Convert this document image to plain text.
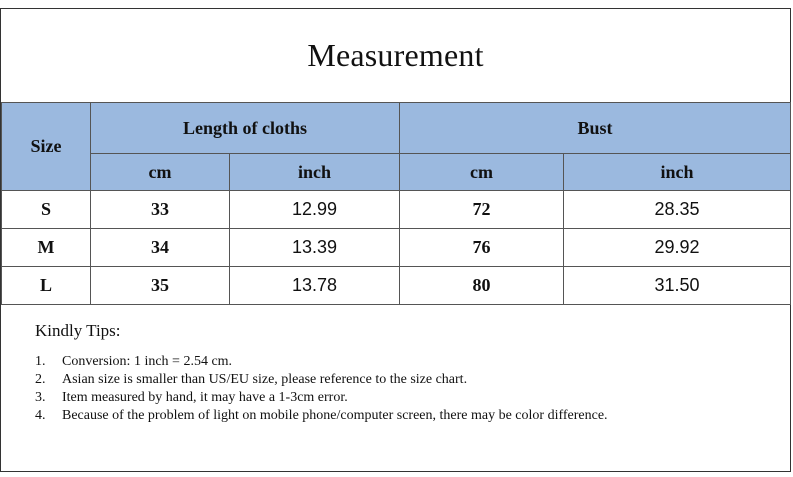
Measurement
Size	Length of cloths		Bust	
	cm	inch	cm	inch
S	33	12.99	72	28.35
M	34	13.39	76	29.92
L	35	13.78	80	31.50
Kindly Tips:
1.	Conversion: 1 inch = 2.54 cm.
2.	Asian size is smaller than US/EU size, please reference to the size chart.
3.	Item measured by hand, it may have a 1-3cm error.
4.	Because of the problem of light on mobile phone/computer screen, there may be color difference.
